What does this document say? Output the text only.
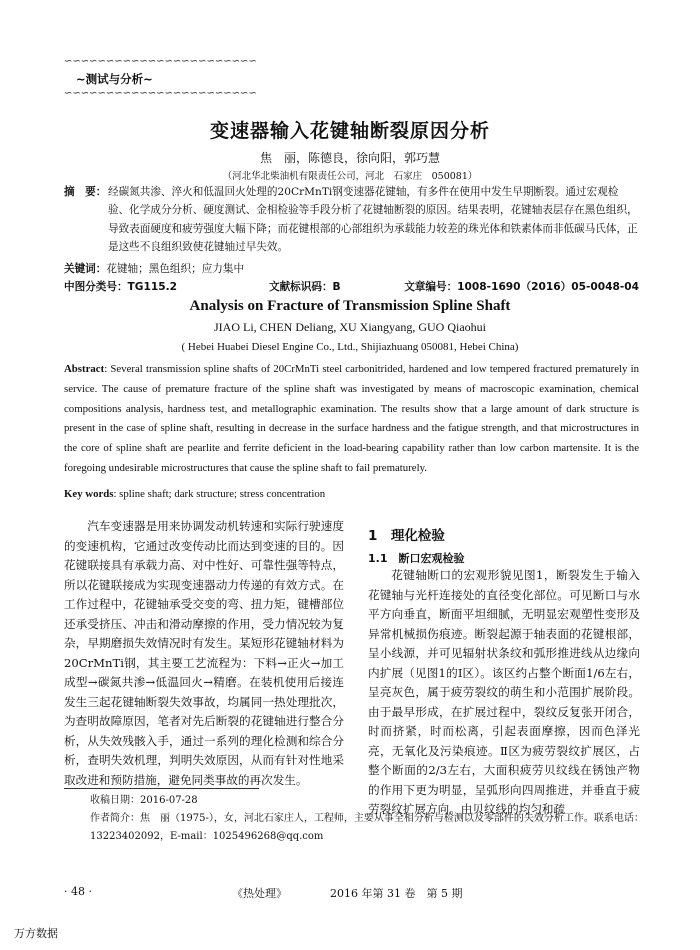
∽∽∽∽∽∽∽∽∽∽∽∽∽∽∽∽∽∽∽∽∽∽∽
~测试与分析~
∽∽∽∽∽∽∽∽∽∽∽∽∽∽∽∽∽∽∽∽∽∽∽
变速器输入花键轴断裂原因分析
焦　丽，陈德良，徐向阳，郭巧慧
（河北华北柴油机有限责任公司，河北　石家庄　050081）
摘　要： 经碳氮共渗、淬火和低温回火处理的20CrMnTi钢变速器花键轴，有多件在使用中发生早期断裂。通过宏观检验、化学成分分析、硬度测试、金相检验等手段分析了花键轴断裂的原因。结果表明，花键轴表层存在黑色组织，导致表面硬度和疲劳强度大幅下降；而花键根部的心部组织为承载能力较差的珠光体和铁素体而非低碳马氏体，正是这些不良组织致使花键轴过早失效。
关键词：花键轴；黑色组织；应力集中
中图分类号：TG115.2	文献标识码：B	文章编号：1008-1690（2016）05-0048-04
Analysis on Fracture of Transmission Spline Shaft
JIAO Li, CHEN Deliang, XU Xiangyang, GUO Qiaohui
( Hebei Huabei Diesel Engine Co., Ltd., Shijiazhuang 050081, Hebei China)
Abstract: Several transmission spline shafts of 20CrMnTi steel carbonitrided, hardened and low tempered fractured prematurely in service. The cause of premature fracture of the spline shaft was investigated by means of macroscopic examination, chemical compositions analysis, hardness test, and metallographic examination. The results show that a large amount of dark structure is present in the case of spline shaft, resulting in decrease in the surface hardness and the fatigue strength, and that microstructures in the core of spline shaft are pearlite and ferrite deficient in the load-bearing capability rather than low carbon martensite. It is the foregoing undesirable microstructures that cause the spline shaft to fail prematurely.
Key words: spline shaft; dark structure; stress concentration
汽车变速器是用来协调发动机转速和实际行驶速度的变速机构，它通过改变传动比而达到变速的目的。因花键联接具有承载力高、对中性好、可靠性强等特点，所以花键联接成为实现变速器动力传递的有效方式。在工作过程中，花键轴承受交变的弯、扭力矩，键槽部位还承受挤压、冲击和滑动摩擦的作用，受力情况较为复杂，早期磨损失效情况时有发生。某短形花键轴材料为20CrMnTi钢，其主要工艺流程为：下料→正火→加工成型→碳氮共渗→低温回火→精磨。在装机使用后接连发生三起花键轴断裂失效事故，均属同一热处理批次，为查明故障原因，笔者对先后断裂的花键轴进行整合分析，从失效残骸入手，通过一系列的理化检测和综合分析，查明失效机理，判明失效原因，从而有针对性地采取改进和预防措施，避免同类事故的再次发生。
1　理化检验
1.1　断口宏观检验
花键轴断口的宏观形貌见图1，断裂发生于输入花键轴与光杆连接处的直径变化部位。可见断口与水平方向垂直，断面平坦细腻，无明显宏观塑性变形及异常机械损伤痕迹。断裂起源于轴表面的花键根部，呈小线源，并可见辐射状条纹和弧形推进线从边缘向内扩展（见图1的Ⅰ区）。该区约占整个断面1/6左右，呈亮灰色，属于疲劳裂纹的萌生和小范围扩展阶段。由于最早形成，在扩展过程中，裂纹反复张开闭合，时而挤紧，时而松离，引起表面摩擦，因而色泽光亮，无氧化及污染痕迹。Ⅱ区为疲劳裂纹扩展区，占整个断面的2/3左右，大面积疲劳贝纹线在锈蚀产物的作用下更为明显，呈弧形向四周推进，并垂直于疲劳裂纹扩展方向。由贝纹线的均匀和疏
收稿日期：2016-07-28
作者简介：焦　丽（1975-），女，河北石家庄人，工程师，主要从事全相分析与检测以及零部件的失效分析工作。联系电话：13223402092，E-mail：1025496268@qq.com
· 48 ·	《热处理》	2016 年第 31 卷　第 5 期
万方数据
